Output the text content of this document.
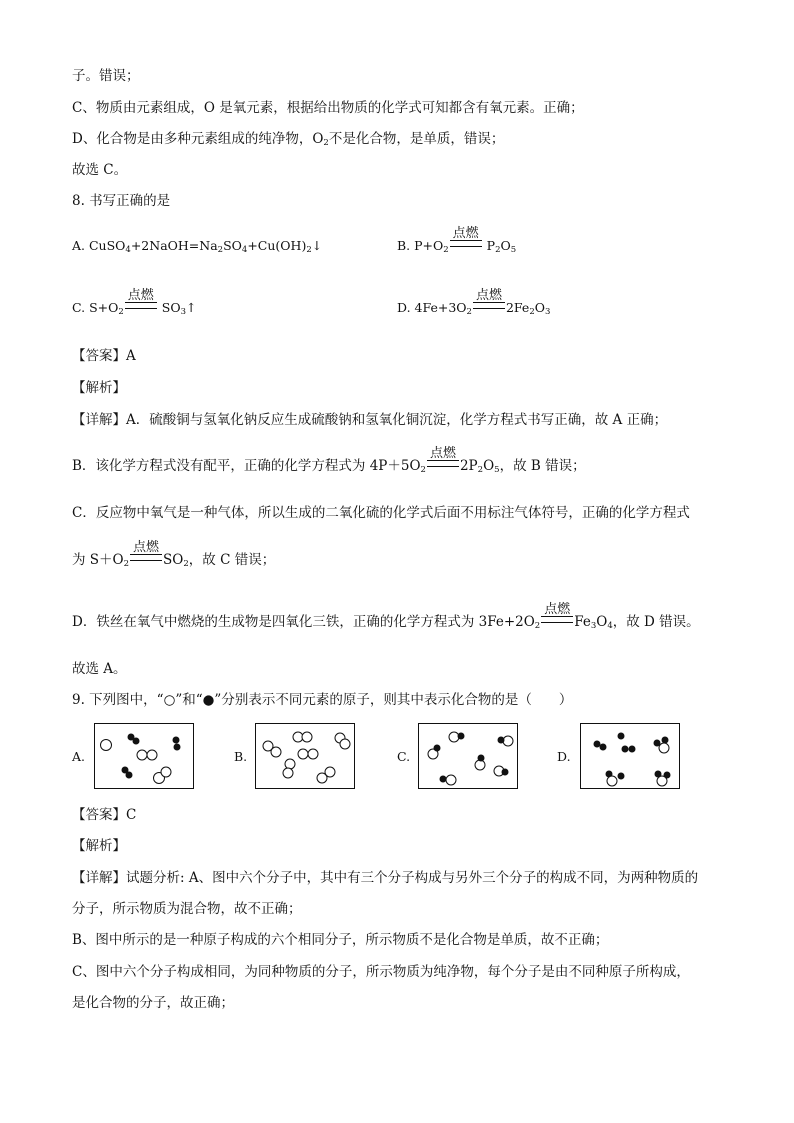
子。错误；
C、物质由元素组成，O 是氧元素，根据给出物质的化学式可知都含有氧元素。正确；
D、化合物是由多种元素组成的纯净物，$O_2$不是化合物，是单质，错误；
故选 C。
8. 书写正确的是
A. $CuSO_4+2NaOH=Na_2SO_4+Cu(OH)_2↓$	B. $P+O_2$
点燃
$P_2O_5$
C. $S+O_2$
点燃
$SO_3↑$	D. $4Fe+3O_2$
点燃
$2Fe_2O_3$
【答案】A
【解析】
【详解】A．硫酸铜与氢氧化钠反应生成硫酸钠和氢氧化铜沉淀，化学方程式书写正确，故 A 正确；
B．该化学方程式没有配平，正确的化学方程式为 $4P+5O_2$
点燃
$2P_2O_5$，故 B 错误；
C．反应物中氧气是一种气体，所以生成的二氧化硫的化学式后面不用标注气体符号，正确的化学方程式
为 $S+O_2$
点燃
$SO_2$，故 C 错误；
D．铁丝在氧气中燃烧的生成物是四氧化三铁，正确的化学方程式为 $3Fe+2O_2$
点燃
$Fe_3O_4$，故 D 错误。
故选 A。
9. 下列图中，“○”和“●”分别表示不同元素的原子，则其中表示化合物的是（　　）
A.	B.	C.	D.
【答案】C
【解析】
【详解】试题分析: A、图中六个分子中，其中有三个分子构成与另外三个分子的构成不同，为两种物质的
分子，所示物质为混合物，故不正确；
B、图中所示的是一种原子构成的六个相同分子，所示物质不是化合物是单质，故不正确；
C、图中六个分子构成相同，为同种物质的分子，所示物质为纯净物，每个分子是由不同种原子所构成，
是化合物的分子，故正确；
